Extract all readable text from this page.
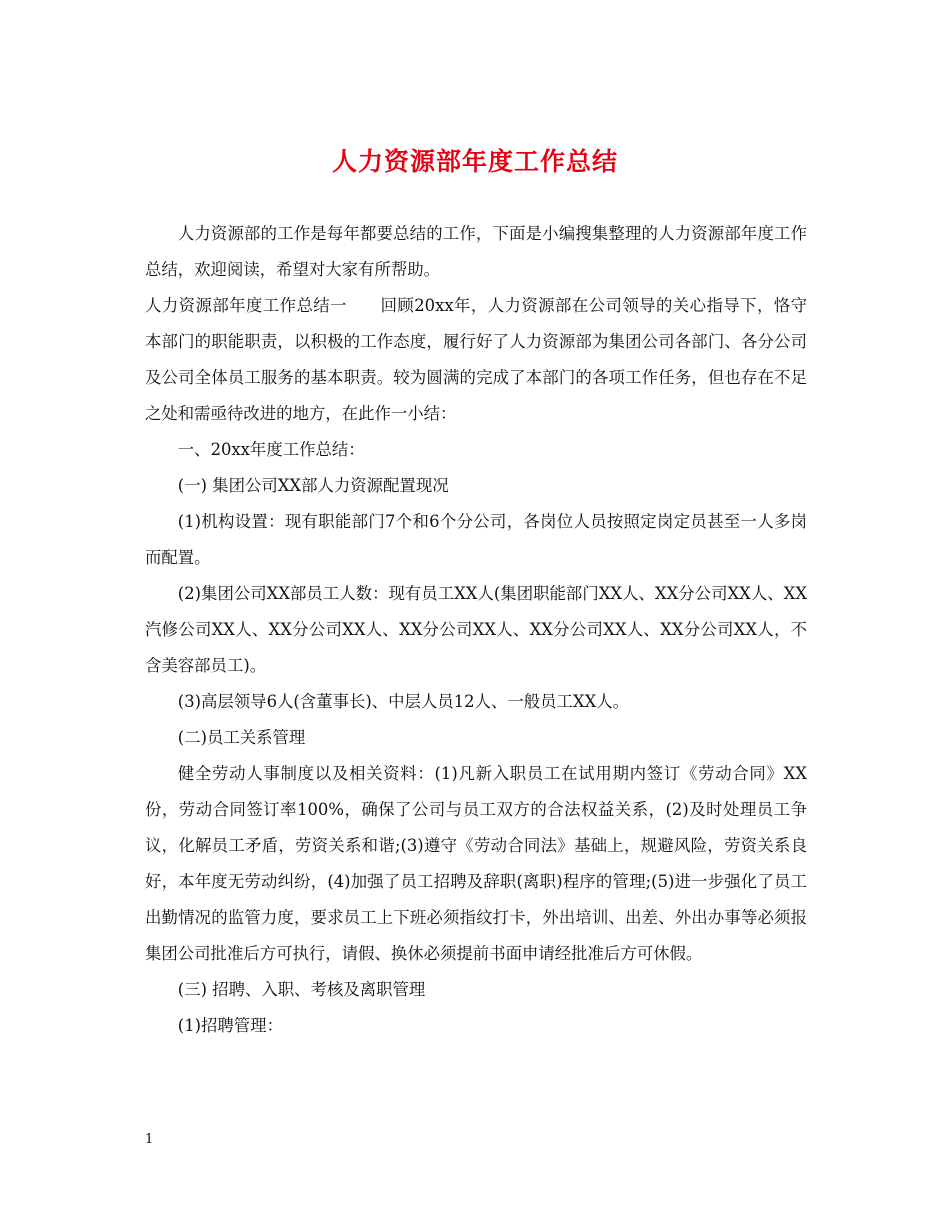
人力资源部年度工作总结

人力资源部的工作是每年都要总结的工作，下面是小编搜集整理的人力资源部年度工作总结，欢迎阅读，希望对大家有所帮助。

人力资源部年度工作总结一　　回顾20xx年，人力资源部在公司领导的关心指导下，恪守本部门的职能职责，以积极的工作态度，履行好了人力资源部为集团公司各部门、各分公司及公司全体员工服务的基本职责。较为圆满的完成了本部门的各项工作任务，但也存在不足之处和需亟待改进的地方，在此作一小结：

一、20xx年度工作总结：

(一) 集团公司XX部人力资源配置现况

(1)机构设置：现有职能部门7个和6个分公司，各岗位人员按照定岗定员甚至一人多岗而配置。

(2)集团公司XX部员工人数：现有员工XX人(集团职能部门XX人、XX分公司XX人、XX汽修公司XX人、XX分公司XX人、XX分公司XX人、XX分公司XX人、XX分公司XX人，不含美容部员工)。

(3)高层领导6人(含董事长)、中层人员12人、一般员工XX人。

(二)员工关系管理

健全劳动人事制度以及相关资料：(1)凡新入职员工在试用期内签订《劳动合同》XX份，劳动合同签订率100%，确保了公司与员工双方的合法权益关系，(2)及时处理员工争议，化解员工矛盾，劳资关系和谐;(3)遵守《劳动合同法》基础上，规避风险，劳资关系良好，本年度无劳动纠纷，(4)加强了员工招聘及辞职(离职)程序的管理;(5)进一步强化了员工出勤情况的监管力度，要求员工上下班必须指纹打卡，外出培训、出差、外出办事等必须报集团公司批准后方可执行，请假、换休必须提前书面申请经批准后方可休假。

(三) 招聘、入职、考核及离职管理

(1)招聘管理：

1
